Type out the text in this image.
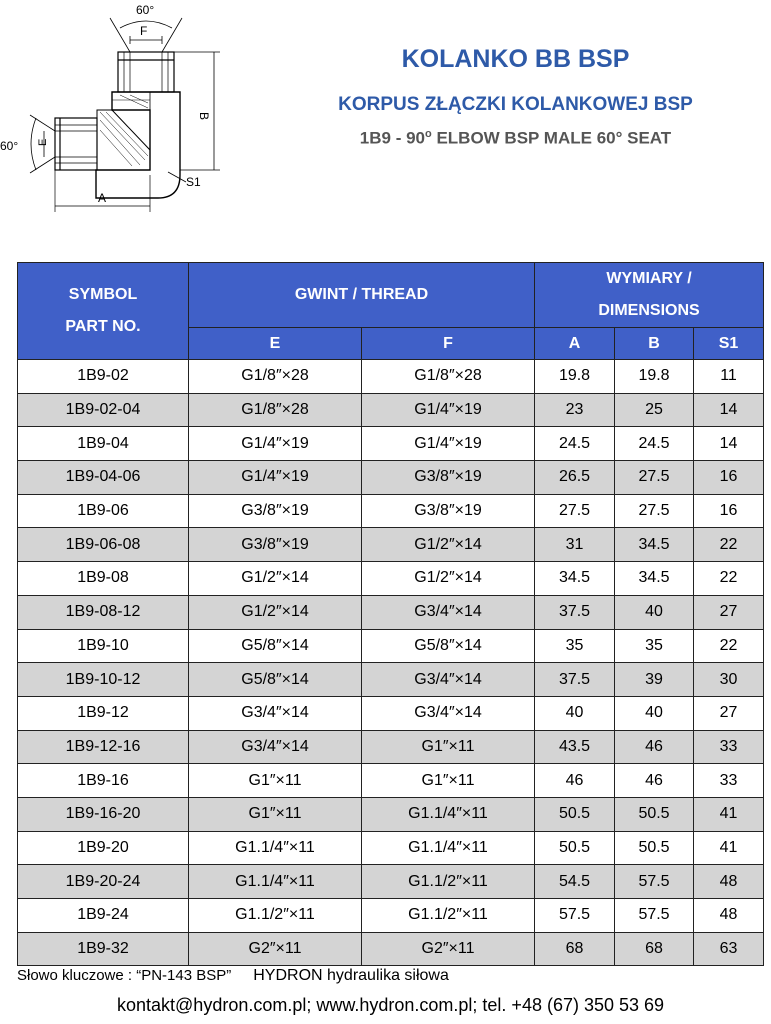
60°
F
60° E
B
A
S1
KOLANKO BB BSP
KORPUS ZŁĄCZKI KOLANKOWEJ BSP
1B9 - 90$^o$ ELBOW BSP MALE 60° SEAT
SYMBOL
PART NO.	GWINT / THREAD		WYMIARY /
DIMENSIONS		
	E	F	A	B	S1
1B9-02	G1/8″×28	G1/8″×28	19.8	19.8	11
1B9-02-04	G1/8″×28	G1/4″×19	23	25	14
1B9-04	G1/4″×19	G1/4″×19	24.5	24.5	14
1B9-04-06	G1/4″×19	G3/8″×19	26.5	27.5	16
1B9-06	G3/8″×19	G3/8″×19	27.5	27.5	16
1B9-06-08	G3/8″×19	G1/2″×14	31	34.5	22
1B9-08	G1/2″×14	G1/2″×14	34.5	34.5	22
1B9-08-12	G1/2″×14	G3/4″×14	37.5	40	27
1B9-10	G5/8″×14	G5/8″×14	35	35	22
1B9-10-12	G5/8″×14	G3/4″×14	37.5	39	30
1B9-12	G3/4″×14	G3/4″×14	40	40	27
1B9-12-16	G3/4″×14	G1″×11	43.5	46	33
1B9-16	G1″×11	G1″×11	46	46	33
1B9-16-20	G1″×11	G1.1/4″×11	50.5	50.5	41
1B9-20	G1.1/4″×11	G1.1/4″×11	50.5	50.5	41
1B9-20-24	G1.1/4″×11	G1.1/2″×11	54.5	57.5	48
1B9-24	G1.1/2″×11	G1.1/2″×11	57.5	57.5	48
1B9-32	G2″×11	G2″×11	68	68	63
Słowo kluczowe : “PN-143 BSP” HYDRON hydraulika siłowa
kontakt@hydron.com.pl; www.hydron.com.pl; tel. +48 (67) 350 53 69
